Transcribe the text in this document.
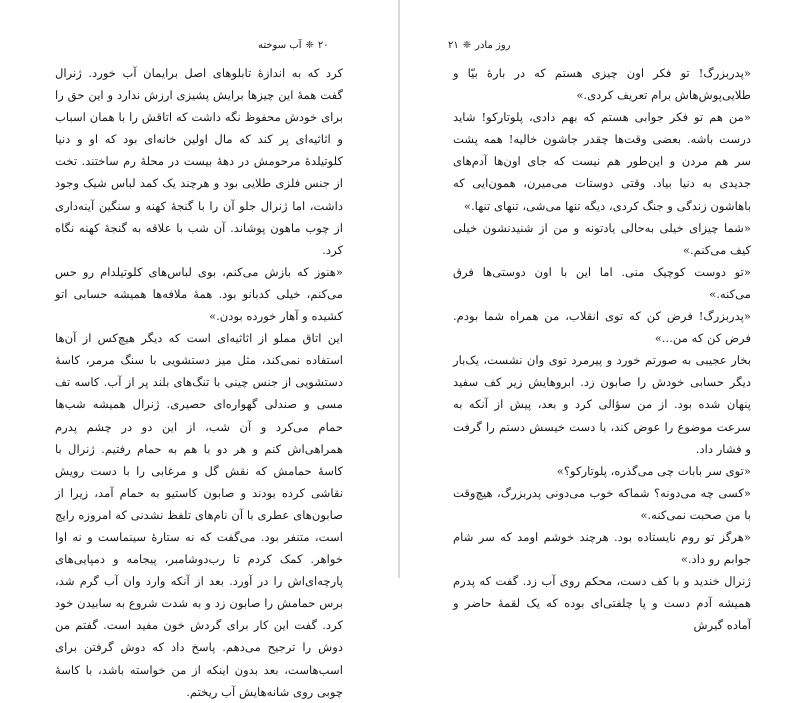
۲۰
❈
آب سوخته

کرد که به اندازهٔ تابلوهای اصل برایمان آب خورد. ژنرال گفت همهٔ این چیزها برایش پشیزی ارزش ندارد و این حق را برای خودش محفوظ نگه داشت که اتاقش را با همان اسباب و اثاثیه‌ای پر کند که مال اولین خانه‌ای بود که او و دنیا کلوتیلدهٔ مرحومش در دههٔ بیست در محلهٔ رم ساختند. تخت از جنس فلزی طلایی بود و هرچند یک کمد لباس شیک وجود داشت، اما ژنرال جلو آن را با گنجهٔ کهنه و سنگین آینه‌داری از چوب ماهون پوشاند. آن شب با علاقه به گنجهٔ کهنه نگاه کرد.

«هنوز که بازش می‌کنم، بوی لباس‌های کلوتیلدام رو حس می‌کنم، خیلی کدبانو بود. همهٔ ملافه‌ها همیشه حسابی اتو کشیده و آهار خورده بودن.»

این اتاق مملو از اثاثیه‌ای است که دیگر هیچ‌کس از آن‌ها استفاده نمی‌کند، مثل میز دستشویی با سنگ مرمر، کاسهٔ دستشویی از جنس چینی با تنگ‌های بلند پر از آب. کاسه تف مسی و صندلی گهواره‌ای حصیری. ژنرال همیشه شب‌ها حمام می‌کرد و آن شب، از این دو در چشم پدرم همراهی‌اش کنم و هر دو با هم به حمام رفتیم. ژنرال با کاسهٔ حمامش که نقش گل و مرغابی را با دست رویش نقاشی کرده بودند و صابون کاستیو به حمام آمد، زیرا از صابون‌های عطری با آن نام‌های تلفظ نشدنی که امروزه رایج است، متنفر بود. می‌گفت که نه ستارهٔ سینماست و نه اوا خواهر. کمک کردم تا رب‌دوشامبر، پیجامه و دمپایی‌های پارچه‌ای‌اش را در آورد. بعد از آنکه وارد وان آب گرم شد، برس حمامش را صابون زد و به شدت شروع به سابیدن خود کرد. گفت این کار برای گردش خون مفید است. گفتم من دوش را ترجیح می‌دهم. پاسخ داد که دوش گرفتن برای اسب‌هاست، بعد بدون اینکه از من خواسته باشد، با کاسهٔ چوبی روی شانه‌هایش آب ریختم.

روز مادر
❈
۲۱

«پدربزرگ! تو فکر اون چیزی هستم که در بارهٔ بیّا و طلایی‌پوش‌هاش برام تعریف کردی.»

«من هم تو فکر جوابی هستم که بهم دادی، پلوتارکو! شاید درست باشه. بعضی وقت‌ها چقدر جاشون خالیه! همه پشت سر هم مردن و این‌طور هم نیست که جای اون‌ها آدم‌های جدیدی به دنیا بیاد. وقتی دوستات می‌میرن، همون‌ایی که باهاشون زندگی و جنگ کردی، دیگه تنها می‌شی، تنهای تنها.»

«شما چیزای خیلی به‌حالی یادتونه و من از شنیدنشون خیلی کیف می‌کنم.»

«تو دوست کوچیک منی. اما این با اون دوستی‌ها فرق می‌کنه.»

«پدربزرگ! فرض کن که توی انقلاب، من همراه شما بودم. فرض کن که من...»

بخار عجیبی به صورتم خورد و پیرمرد توی وان نشست، یک‌بار دیگر حسابی خودش را صابون زد. ابروهایش زیر کف سفید پنهان شده بود. از من سؤالی کرد و بعد، پیش از آنکه به سرعت موضوع را عوض کند، با دست خیسش دستم را گرفت و فشار داد.

«توی سر بابات چی می‌گذره، پلوتارکو؟»

«کسی چه می‌دونه؟ شماکه خوب می‌دونی پدربزرگ، هیچ‌وقت با من صحبت نمی‌کنه.»

«هرگز تو روم نایستاده بود. هرچند خوشم اومد که سر شام جوابم رو داد.»

ژنرال خندید و با کف دست، محکم روی آب زد. گفت که پدرم همیشه آدم دست و پا چلفتی‌ای بوده که یک لقمهٔ حاضر و آماده گیرش
